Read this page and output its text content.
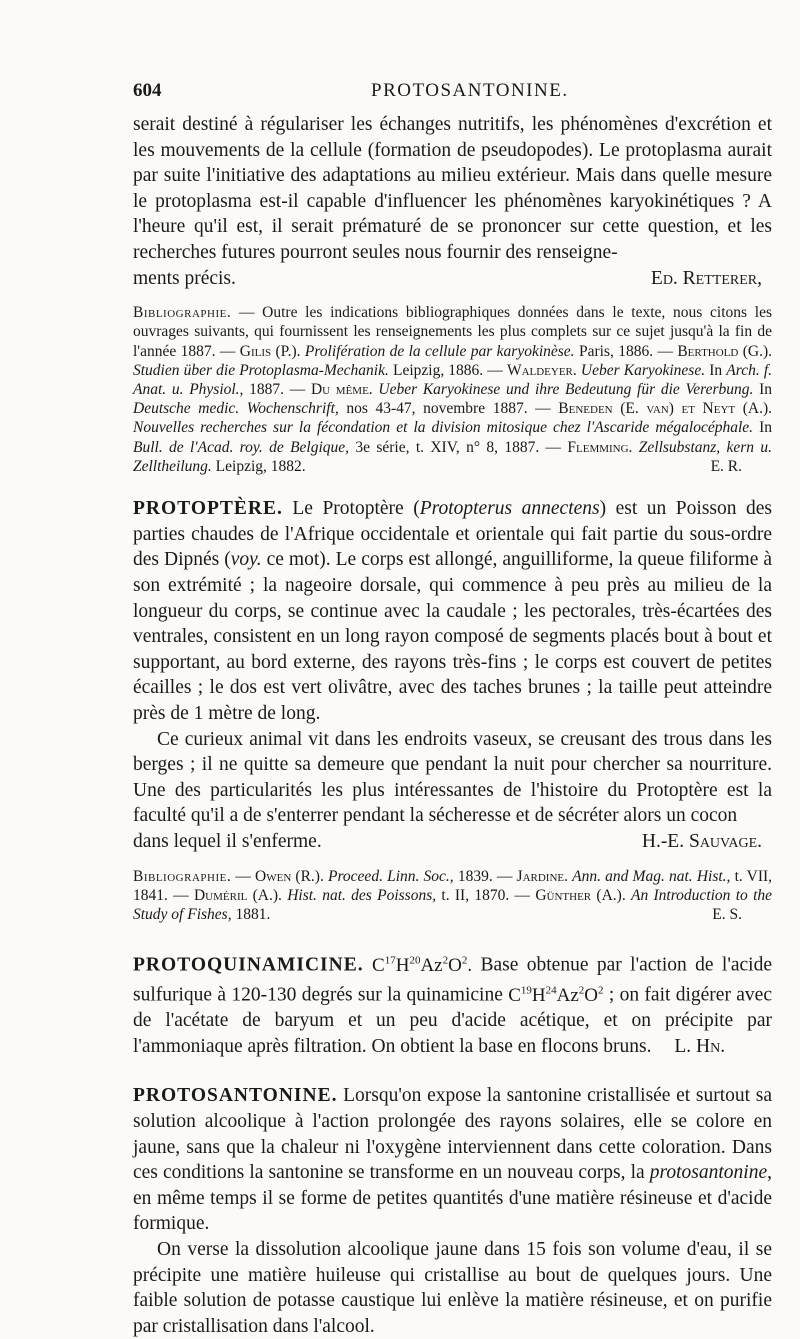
604	PROTOSANTONINE.

serait destiné à régulariser les échanges nutritifs, les phénomènes d'excrétion et les mouvements de la cellule (formation de pseudopodes). Le protoplasma aurait par suite l'initiative des adaptations au milieu extérieur. Mais dans quelle mesure le protoplasma est-il capable d'influencer les phénomènes karyokinétiques ? A l'heure qu'il est, il serait prématuré de se prononcer sur cette question, et les recherches futures pourront seules nous fournir des renseigne-

ments précis.	Ed. Retterer,

Bibliographie. — Outre les indications bibliographiques données dans le texte, nous citons les ouvrages suivants, qui fournissent les renseignements les plus complets sur ce sujet jusqu'à la fin de l'année 1887. — Gilis (P.). Prolifération de la cellule par karyokinèse. Paris, 1886. — Berthold (G.). Studien über die Protoplasma-Mechanik. Leipzig, 1886. — Waldeyer. Ueber Karyokinese. In Arch. f. Anat. u. Physiol., 1887. — Du même. Ueber Karyokinese und ihre Bedeutung für die Vererbung. In Deutsche medic. Wochenschrift, nos 43-47, novembre 1887. — Beneden (E. van) et Neyt (A.). Nouvelles recherches sur la fécondation et la division mitosique chez l'Ascaride mégalocéphale. In Bull. de l'Acad. roy. de Belgique, 3e série, t. XIV, n° 8, 1887. — Flemming. Zellsubstanz, kern u. Zelltheilung. Leipzig, 1882.	E. R.

PROTOPTÈRE. Le Protoptère (Protopterus annectens) est un Poisson des parties chaudes de l'Afrique occidentale et orientale qui fait partie du sous-ordre des Dipnés (voy. ce mot). Le corps est allongé, anguilliforme, la queue filiforme à son extrémité ; la nageoire dorsale, qui commence à peu près au milieu de la longueur du corps, se continue avec la caudale ; les pectorales, très-écartées des ventrales, consistent en un long rayon composé de segments placés bout à bout et supportant, au bord externe, des rayons très-fins ; le corps est couvert de petites écailles ; le dos est vert olivâtre, avec des taches brunes ; la taille peut atteindre près de 1 mètre de long.

Ce curieux animal vit dans les endroits vaseux, se creusant des trous dans les berges ; il ne quitte sa demeure que pendant la nuit pour chercher sa nourriture. Une des particularités les plus intéressantes de l'histoire du Protoptère est la faculté qu'il a de s'enterrer pendant la sécheresse et de sécréter alors un cocon

dans lequel il s'enferme.	H.-E. Sauvage.

Bibliographie. — Owen (R.). Proceed. Linn. Soc., 1839. — Jardine. Ann. and Mag. nat. Hist., t. VII, 1841. — Duméril (A.). Hist. nat. des Poissons, t. II, 1870. — Günther (A.). An Introduction to the Study of Fishes, 1881.	E. S.

PROTOQUINAMICINE. $C^{17}H^{20}Az^2O^2$. Base obtenue par l'action de l'acide sulfurique à 120-130 degrés sur la quinamicine $C^{19}H^{24}Az^2O^2$ ; on fait digérer avec de l'acétate de baryum et un peu d'acide acétique, et on précipite par l'ammoniaque après filtration. On obtient la base en flocons bruns. L. Hn.

PROTOSANTONINE. Lorsqu'on expose la santonine cristallisée et surtout sa solution alcoolique à l'action prolongée des rayons solaires, elle se colore en jaune, sans que la chaleur ni l'oxygène interviennent dans cette coloration. Dans ces conditions la santonine se transforme en un nouveau corps, la protosantonine, en même temps il se forme de petites quantités d'une matière résineuse et d'acide formique.

On verse la dissolution alcoolique jaune dans 15 fois son volume d'eau, il se précipite une matière huileuse qui cristallise au bout de quelques jours. Une faible solution de potasse caustique lui enlève la matière résineuse, et on purifie par cristallisation dans l'alcool.
